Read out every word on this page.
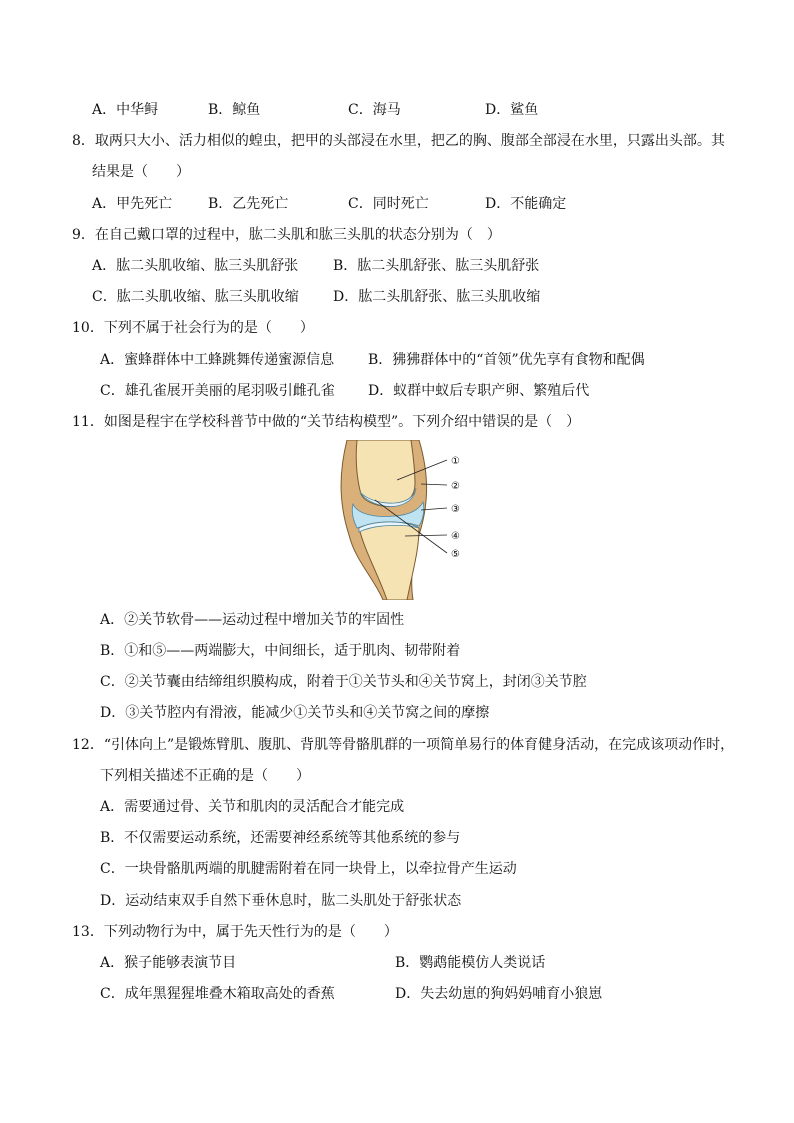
A．中华鲟	B．鲸鱼	C．海马	D．鲨鱼
8．取两只大小、活力相似的蝗虫，把甲的头部浸在水里，把乙的胸、腹部全部浸在水里，只露出头部。其
结果是（　　）
A．甲先死亡	B．乙先死亡	C．同时死亡	D．不能确定
9．在自己戴口罩的过程中，肱二头肌和肱三头肌的状态分别为（　）
A．肱二头肌收缩、肱三头肌舒张 B．肱二头肌舒张、肱三头肌舒张
C．肱二头肌收缩、肱三头肌收缩 D．肱二头肌舒张、肱三头肌收缩
10．下列不属于社会行为的是（　　）
A．蜜蜂群体中工蜂跳舞传递蜜源信息 B．狒狒群体中的“首领”优先享有食物和配偶
C．雄孔雀展开美丽的尾羽吸引雌孔雀 D．蚁群中蚁后专职产卵、繁殖后代
11．如图是程宇在学校科普节中做的“关节结构模型”。下列介绍中错误的是（　）
①
②
③
④
⑤
A．②关节软骨——运动过程中增加关节的牢固性
B．①和⑤——两端膨大，中间细长，适于肌肉、韧带附着
C．②关节囊由结缔组织膜构成，附着于①关节头和④关节窝上，封闭③关节腔
D．③关节腔内有滑液，能减少①关节头和④关节窝之间的摩擦
12．“引体向上”是锻炼臂肌、腹肌、背肌等骨骼肌群的一项简单易行的体育健身活动，在完成该项动作时，
下列相关描述不正确的是（　　）
A．需要通过骨、关节和肌肉的灵活配合才能完成
B．不仅需要运动系统，还需要神经系统等其他系统的参与
C．一块骨骼肌两端的肌腱需附着在同一块骨上，以牵拉骨产生运动
D．运动结束双手自然下垂休息时，肱二头肌处于舒张状态
13．下列动物行为中，属于先天性行为的是（　　）
A．猴子能够表演节目	B．鹦鹉能模仿人类说话
C．成年黑猩猩堆叠木箱取高处的香蕉	D．失去幼崽的狗妈妈哺育小狼崽
